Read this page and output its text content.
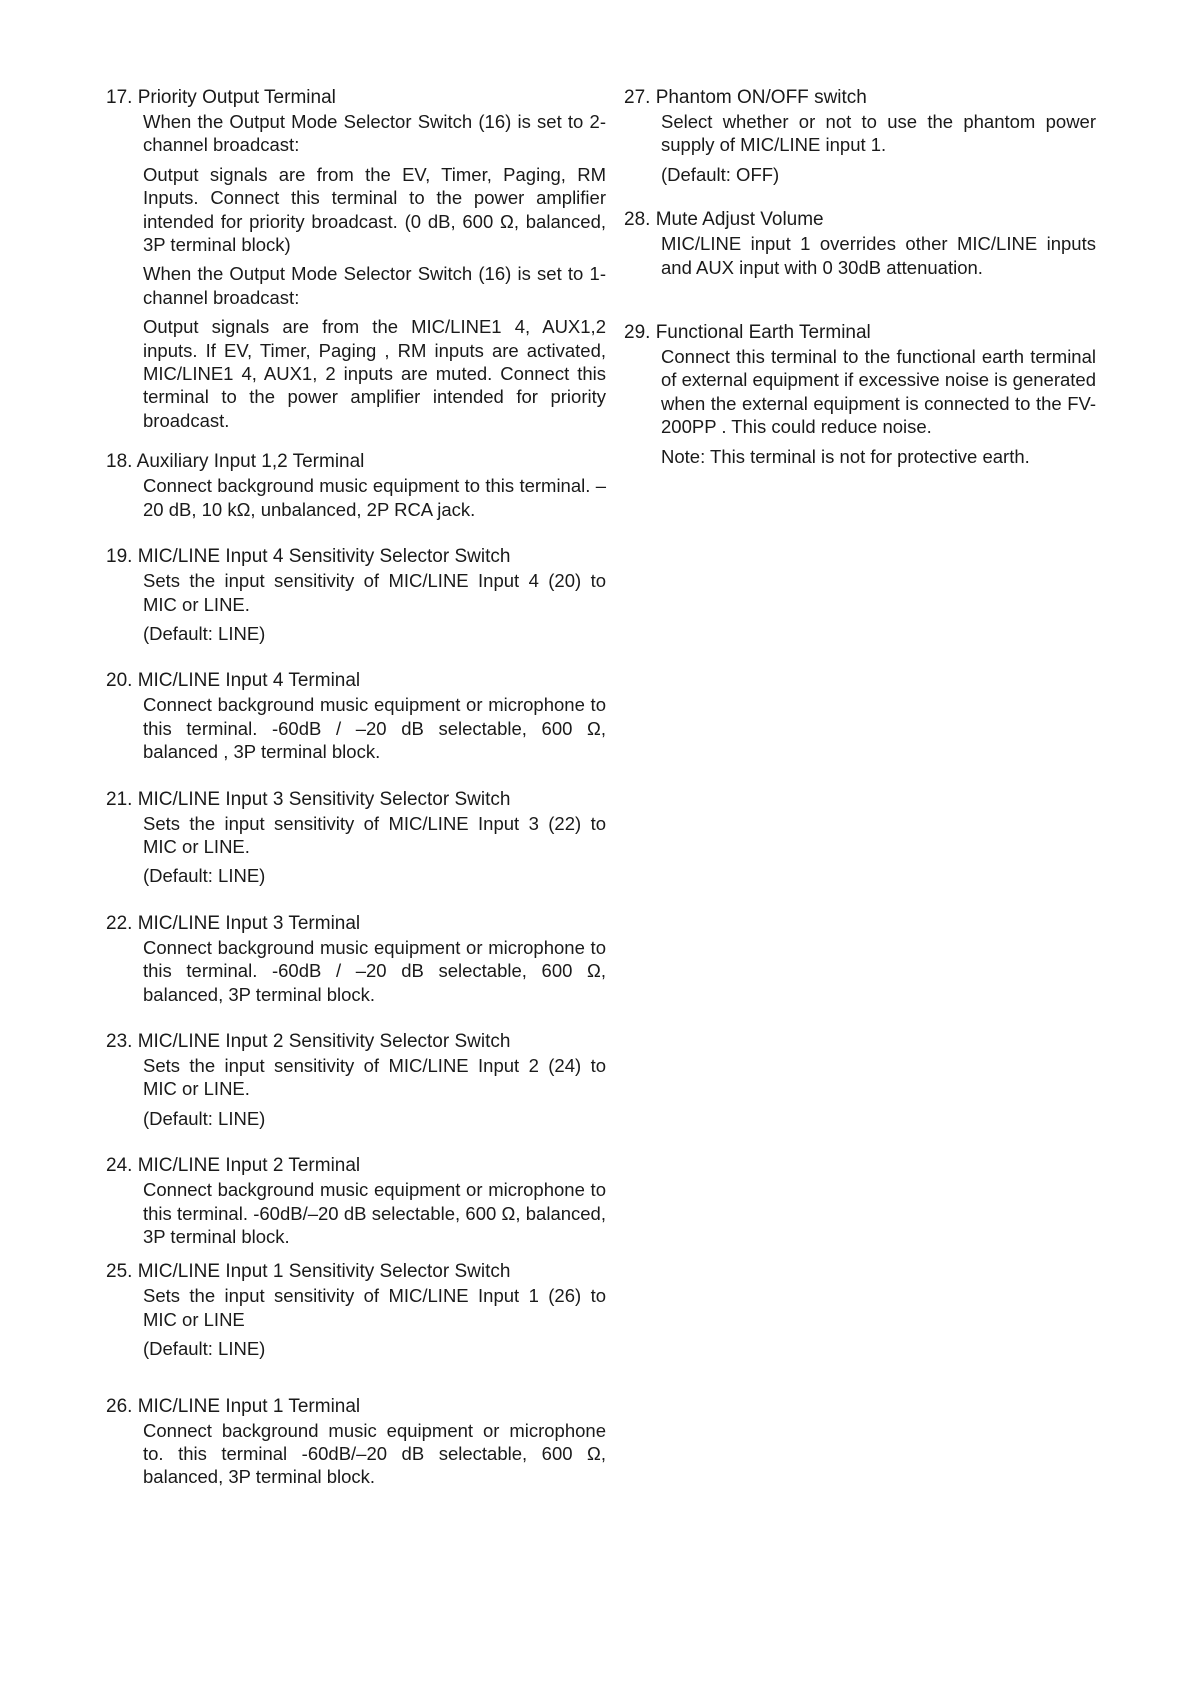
17. Priority Output Terminal
When the Output Mode Selector Switch (16) is set to 2-channel broadcast:
Output signals are from the EV, Timer, Paging, RM Inputs. Connect this terminal to the power amplifier intended for priority broadcast. (0 dB, 600 Ω, balanced, 3P terminal block)
When the Output Mode Selector Switch (16) is set to 1-channel broadcast:
Output signals are from the MIC/LINE1 4, AUX1,2 inputs. If EV, Timer, Paging , RM inputs are activated, MIC/LINE1 4, AUX1, 2 inputs are muted. Connect this terminal to the power amplifier intended for priority broadcast.
18. Auxiliary Input 1,2 Terminal
Connect background music equipment to this terminal. –20 dB, 10 kΩ, unbalanced, 2P RCA jack.
19. MIC/LINE Input 4 Sensitivity Selector Switch
Sets the input sensitivity of MIC/LINE Input 4 (20) to MIC or LINE.
(Default: LINE)
20. MIC/LINE Input 4 Terminal
Connect background music equipment or microphone to this terminal. -60dB / –20 dB selectable, 600 Ω, balanced , 3P terminal block.
21. MIC/LINE Input 3 Sensitivity Selector Switch
Sets the input sensitivity of MIC/LINE Input 3 (22) to MIC or LINE.
(Default: LINE)
22. MIC/LINE Input 3 Terminal
Connect background music equipment or microphone to this terminal. -60dB / –20 dB selectable, 600 Ω, balanced, 3P terminal block.
23. MIC/LINE Input 2 Sensitivity Selector Switch
Sets the input sensitivity of MIC/LINE Input 2 (24) to MIC or LINE.
(Default: LINE)
24. MIC/LINE Input 2 Terminal
Connect background music equipment or microphone to this terminal. -60dB/–20 dB selectable, 600 Ω, balanced, 3P terminal block.
25. MIC/LINE Input 1 Sensitivity Selector Switch
Sets the input sensitivity of MIC/LINE Input 1 (26) to MIC or LINE
(Default: LINE)
26. MIC/LINE Input 1 Terminal
Connect background music equipment or microphone to. this terminal -60dB/–20 dB selectable, 600 Ω, balanced, 3P terminal block.
27. Phantom ON/OFF switch
Select whether or not to use the phantom power supply of MIC/LINE input 1.
(Default: OFF)
28. Mute Adjust Volume
MIC/LINE input 1 overrides other MIC/LINE inputs and AUX input with 0 30dB attenuation.
29. Functional Earth Terminal
Connect this terminal to the functional earth terminal of external equipment if excessive noise is generated when the external equipment is connected to the FV-200PP . This could reduce noise.
Note: This terminal is not for protective earth.
